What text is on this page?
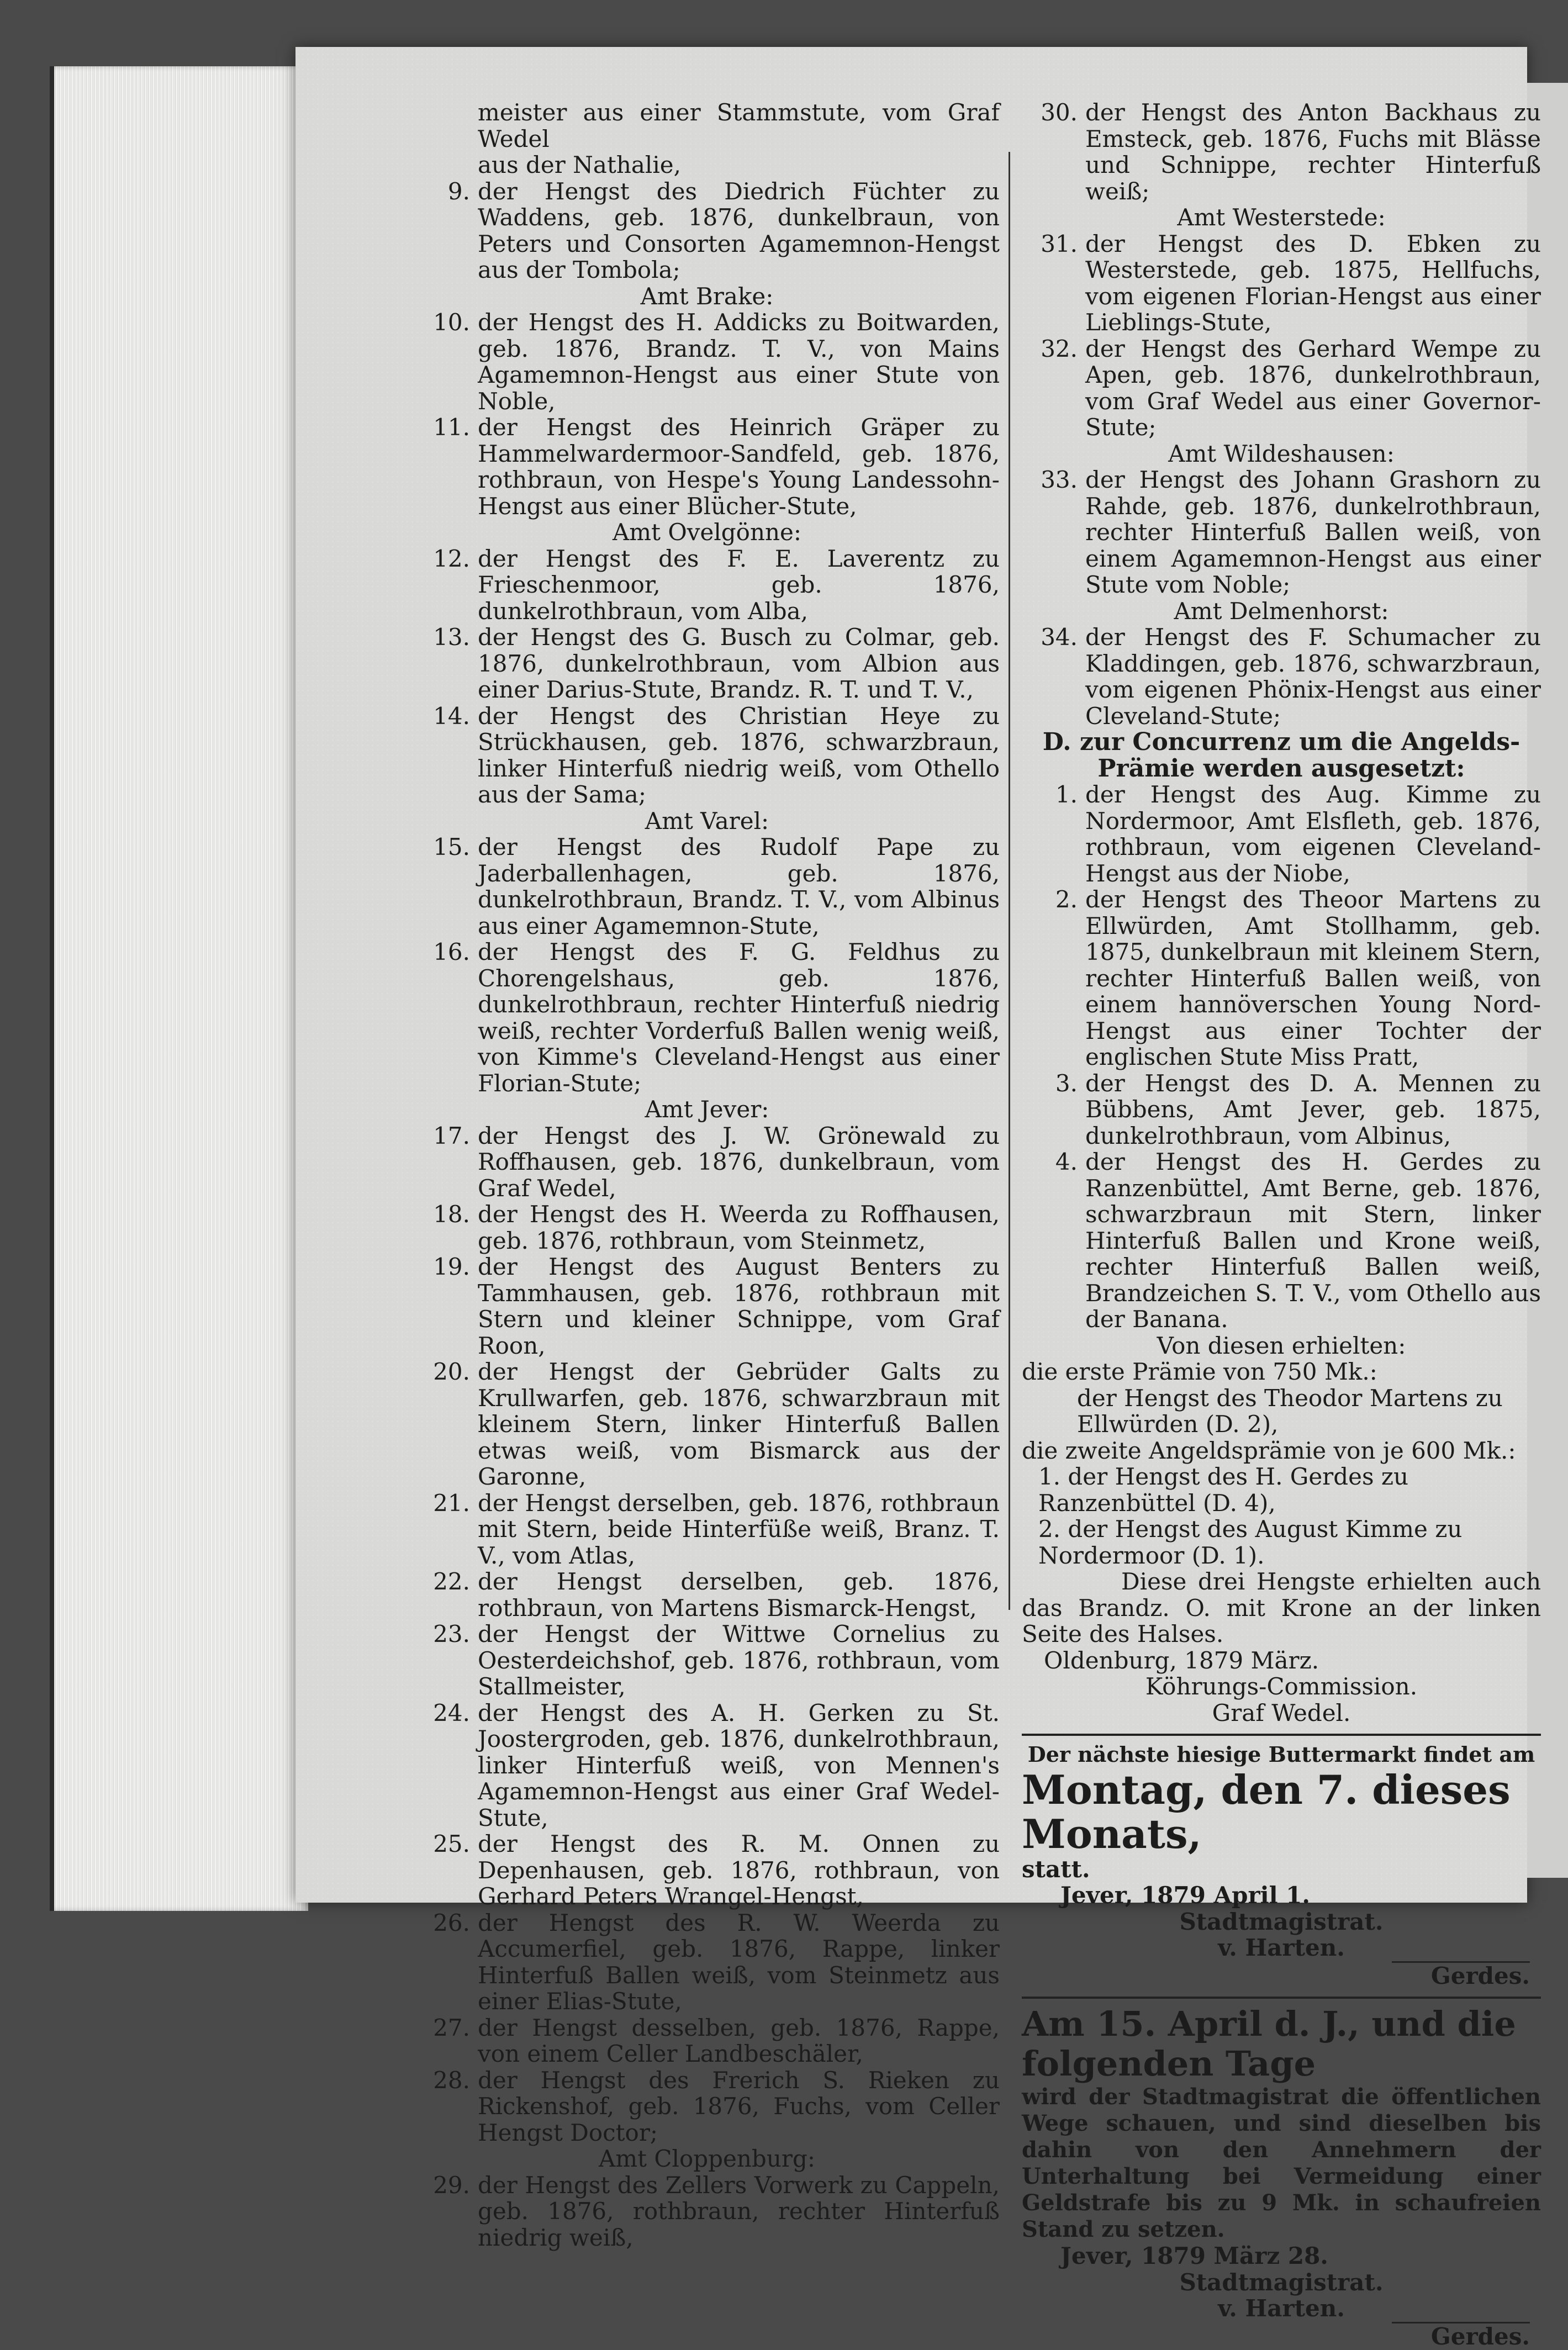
meister aus einer Stammstute, vom Graf Wedel
aus der Nathalie,
9. der Hengst des Diedrich Füchter zu Waddens, geb. 1876, dunkelbraun, von Peters und Consorten Agamemnon-Hengst aus der Tombola;
Amt Brake:
10. der Hengst des H. Addicks zu Boitwarden, geb. 1876, Brandz. T. V., von Mains Agamemnon-Hengst aus einer Stute von Noble,
11. der Hengst des Heinrich Gräper zu Hammelwardermoor-Sandfeld, geb. 1876, rothbraun, von Hespe's Young Landessohn-Hengst aus einer Blücher-Stute,
Amt Ovelgönne:
12. der Hengst des F. E. Laverentz zu Frieschenmoor, geb. 1876, dunkelrothbraun, vom Alba,
13. der Hengst des G. Busch zu Colmar, geb. 1876, dunkelrothbraun, vom Albion aus einer Darius-Stute, Brandz. R. T. und T. V.,
14. der Hengst des Christian Heye zu Strückhausen, geb. 1876, schwarzbraun, linker Hinterfuß niedrig weiß, vom Othello aus der Sama;
Amt Varel:
15. der Hengst des Rudolf Pape zu Jaderballenhagen, geb. 1876, dunkelrothbraun, Brandz. T. V., vom Albinus aus einer Agamemnon-Stute,
16. der Hengst des F. G. Feldhus zu Chorengelshaus, geb. 1876, dunkelrothbraun, rechter Hinterfuß niedrig weiß, rechter Vorderfuß Ballen wenig weiß, von Kimme's Cleveland-Hengst aus einer Florian-Stute;
Amt Jever:
17. der Hengst des J. W. Grönewald zu Roffhausen, geb. 1876, dunkelbraun, vom Graf Wedel,
18. der Hengst des H. Weerda zu Roffhausen, geb. 1876, rothbraun, vom Steinmetz,
19. der Hengst des August Benters zu Tammhausen, geb. 1876, rothbraun mit Stern und kleiner Schnippe, vom Graf Roon,
20. der Hengst der Gebrüder Galts zu Krullwarfen, geb. 1876, schwarzbraun mit kleinem Stern, linker Hinterfuß Ballen etwas weiß, vom Bismarck aus der Garonne,
21. der Hengst derselben, geb. 1876, rothbraun mit Stern, beide Hinterfüße weiß, Branz. T. V., vom Atlas,
22. der Hengst derselben, geb. 1876, rothbraun, von Martens Bismarck-Hengst,
23. der Hengst der Wittwe Cornelius zu Oesterdeichshof, geb. 1876, rothbraun, vom Stallmeister,
24. der Hengst des A. H. Gerken zu St. Joostergroden, geb. 1876, dunkelrothbraun, linker Hinterfuß weiß, von Mennen's Agamemnon-Hengst aus einer Graf Wedel-Stute,
25. der Hengst des R. M. Onnen zu Depenhausen, geb. 1876, rothbraun, von Gerhard Peters Wrangel-Hengst,
26. der Hengst des R. W. Weerda zu Accumerfiel, geb. 1876, Rappe, linker Hinterfuß Ballen weiß, vom Steinmetz aus einer Elias-Stute,
27. der Hengst desselben, geb. 1876, Rappe, von einem Celler Landbeschäler,
28. der Hengst des Frerich S. Rieken zu Rickenshof, geb. 1876, Fuchs, vom Celler Hengst Doctor;
Amt Cloppenburg:
29. der Hengst des Zellers Vorwerk zu Cappeln, geb. 1876, rothbraun, rechter Hinterfuß niedrig weiß,
30. der Hengst des Anton Backhaus zu Emsteck, geb. 1876, Fuchs mit Blässe und Schnippe, rechter Hinterfuß weiß;
Amt Westerstede:
31. der Hengst des D. Ebken zu Westerstede, geb. 1875, Hellfuchs, vom eigenen Florian-Hengst aus einer Lieblings-Stute,
32. der Hengst des Gerhard Wempe zu Apen, geb. 1876, dunkelrothbraun, vom Graf Wedel aus einer Governor-Stute;
Amt Wildeshausen:
33. der Hengst des Johann Grashorn zu Rahde, geb. 1876, dunkelrothbraun, rechter Hinterfuß Ballen weiß, von einem Agamemnon-Hengst aus einer Stute vom Noble;
Amt Delmenhorst:
34. der Hengst des F. Schumacher zu Kladdingen, geb. 1876, schwarzbraun, vom eigenen Phönix-Hengst aus einer Cleveland-Stute;
D. zur Concurrenz um die Angelds-Prämie werden ausgesetzt:
1. der Hengst des Aug. Kimme zu Nordermoor, Amt Elsfleth, geb. 1876, rothbraun, vom eigenen Cleveland-Hengst aus der Niobe,
2. der Hengst des Theoor Martens zu Ellwürden, Amt Stollhamm, geb. 1875, dunkelbraun mit kleinem Stern, rechter Hinterfuß Ballen weiß, von einem hannöverschen Young Nord-Hengst aus einer Tochter der englischen Stute Miss Pratt,
3. der Hengst des D. A. Mennen zu Bübbens, Amt Jever, geb. 1875, dunkelrothbraun, vom Albinus,
4. der Hengst des H. Gerdes zu Ranzenbüttel, Amt Berne, geb. 1876, schwarzbraun mit Stern, linker Hinterfuß Ballen und Krone weiß, rechter Hinterfuß Ballen weiß, Brandzeichen S. T. V., vom Othello aus der Banana.
Von diesen erhielten:
die erste Prämie von 750 Mk.:
der Hengst des Theodor Martens zu Ellwürden (D. 2),
die zweite Angeldsprämie von je 600 Mk.:
1. der Hengst des H. Gerdes zu Ranzenbüttel (D. 4),
2. der Hengst des August Kimme zu Nordermoor (D. 1).
Diese drei Hengste erhielten auch das Brandz. O. mit Krone an der linken Seite des Halses.
Oldenburg, 1879 März.
Köhrungs-Commission.
Graf Wedel.
Der nächste hiesige Buttermarkt findet am
Montag, den 7. dieses Monats,
statt.
Jever, 1879 April 1.
Stadtmagistrat.
v. Harten.
Gerdes.
Am 15. April d. J., und die folgenden Tage
wird der Stadtmagistrat die öffentlichen Wege schauen, und sind dieselben bis dahin von den Annehmern der Unterhaltung bei Vermeidung einer Geldstrafe bis zu 9 Mk. in schaufreien Stand zu setzen.
Jever, 1879 März 28.
Stadtmagistrat.
v. Harten.
Gerdes.
